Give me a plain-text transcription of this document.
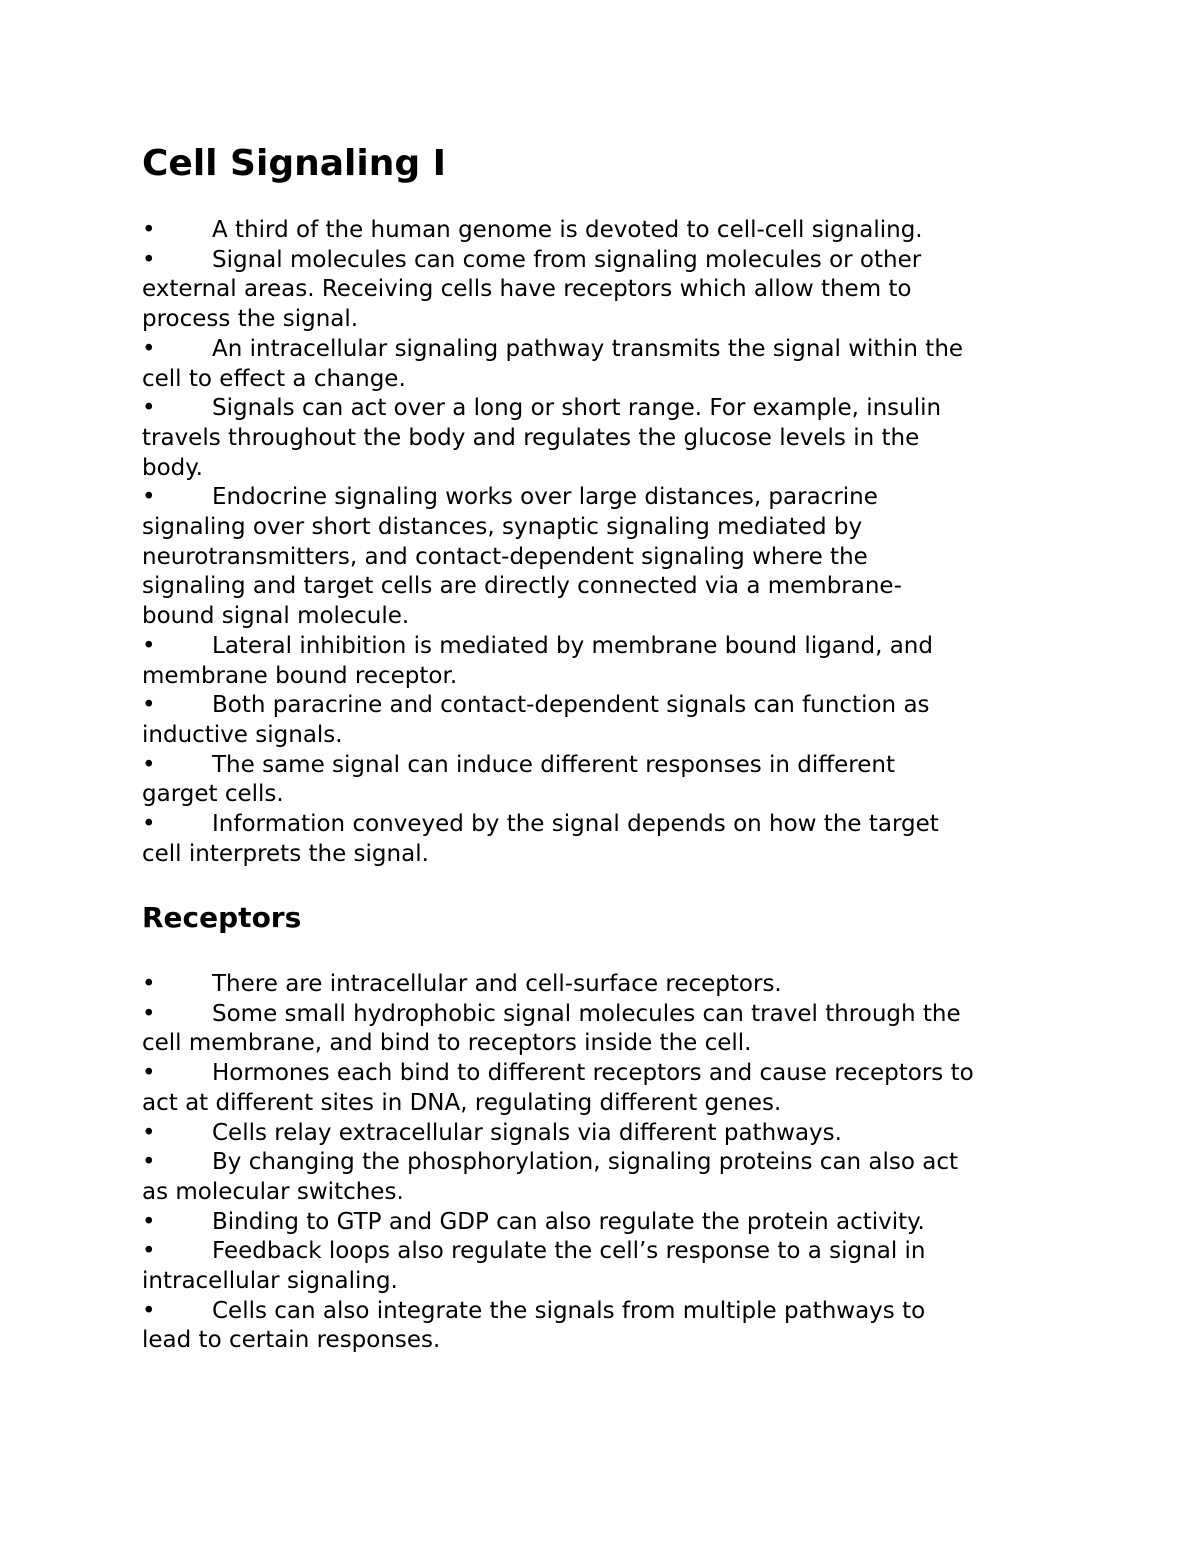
Cell Signaling I
• A third of the human genome is devoted to cell-cell signaling.
• Signal molecules can come from signaling molecules or other
external areas. Receiving cells have receptors which allow them to
process the signal.
• An intracellular signaling pathway transmits the signal within the
cell to effect a change.
• Signals can act over a long or short range. For example, insulin
travels throughout the body and regulates the glucose levels in the
body.
• Endocrine signaling works over large distances, paracrine
signaling over short distances, synaptic signaling mediated by
neurotransmitters, and contact-dependent signaling where the
signaling and target cells are directly connected via a membrane-
bound signal molecule.
• Lateral inhibition is mediated by membrane bound ligand, and
membrane bound receptor.
• Both paracrine and contact-dependent signals can function as
inductive signals.
• The same signal can induce different responses in different
garget cells.
• Information conveyed by the signal depends on how the target
cell interprets the signal.
Receptors
• There are intracellular and cell-surface receptors.
• Some small hydrophobic signal molecules can travel through the
cell membrane, and bind to receptors inside the cell.
• Hormones each bind to different receptors and cause receptors to
act at different sites in DNA, regulating different genes.
• Cells relay extracellular signals via different pathways.
• By changing the phosphorylation, signaling proteins can also act
as molecular switches.
• Binding to GTP and GDP can also regulate the protein activity.
• Feedback loops also regulate the cell’s response to a signal in
intracellular signaling.
• Cells can also integrate the signals from multiple pathways to
lead to certain responses.
